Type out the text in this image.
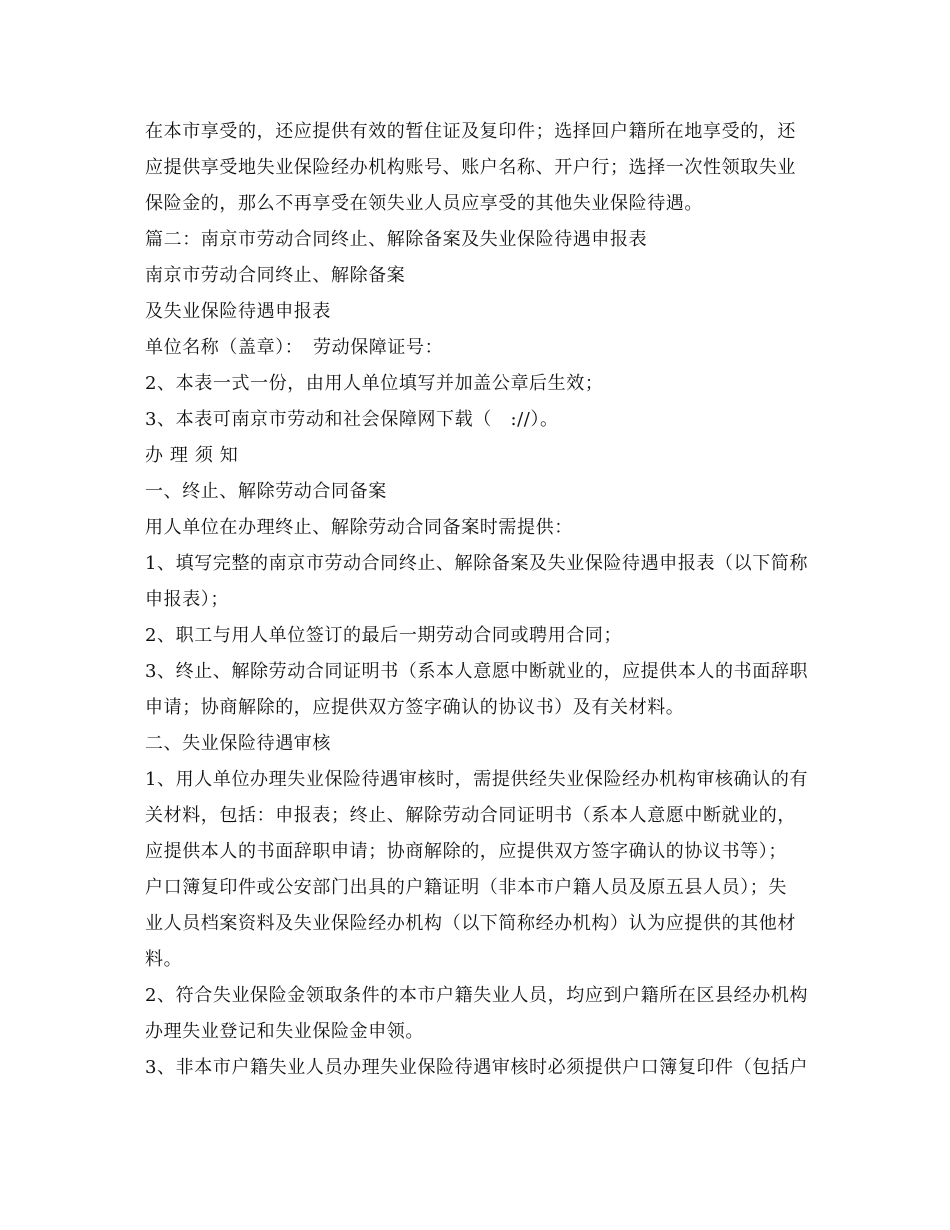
在本市享受的，还应提供有效的暂住证及复印件；选择回户籍所在地享受的，还
应提供享受地失业保险经办机构账号、账户名称、开户行；选择一次性领取失业
保险金的，那么不再享受在领失业人员应享受的其他失业保险待遇。
篇二：南京市劳动合同终止、解除备案及失业保险待遇申报表
南京市劳动合同终止、解除备案
及失业保险待遇申报表
单位名称（盖章）：　劳动保障证号：
2、本表一式一份，由用人单位填写并加盖公章后生效；
3、本表可南京市劳动和社会保障网下载（　://）。
办 理 须 知
一、终止、解除劳动合同备案
用人单位在办理终止、解除劳动合同备案时需提供：
1、填写完整的南京市劳动合同终止、解除备案及失业保险待遇申报表（以下简称
申报表）；
2、职工与用人单位签订的最后一期劳动合同或聘用合同；
3、终止、解除劳动合同证明书（系本人意愿中断就业的，应提供本人的书面辞职
申请；协商解除的，应提供双方签字确认的协议书）及有关材料。
二、失业保险待遇审核
1、用人单位办理失业保险待遇审核时，需提供经失业保险经办机构审核确认的有
关材料，包括：申报表；终止、解除劳动合同证明书（系本人意愿中断就业的，
应提供本人的书面辞职申请；协商解除的，应提供双方签字确认的协议书等）；
户口簿复印件或公安部门出具的户籍证明（非本市户籍人员及原五县人员）；失
业人员档案资料及失业保险经办机构（以下简称经办机构）认为应提供的其他材
料。
2、符合失业保险金领取条件的本市户籍失业人员，均应到户籍所在区县经办机构
办理失业登记和失业保险金申领。
3、非本市户籍失业人员办理失业保险待遇审核时必须提供户口簿复印件（包括户
